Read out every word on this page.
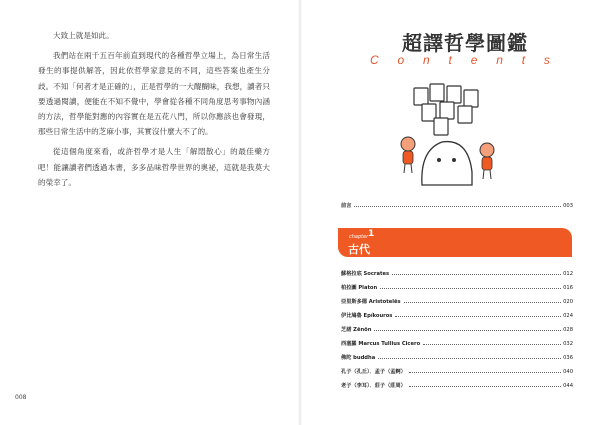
大致上就是如此。

我們站在兩千五百年前直到現代的各種哲學立場上，為日常生活發生的事提供解答，因此依哲學家意見的不同，這些答案也產生分歧。不知「何者才是正確的」，正是哲學的一大醍醐味，我想，讀者只要透過閱讀，便能在不知不覺中，學會從各種不同角度思考事物內涵的方法，哲學能對應的內容實在是五花八門，所以你應該也會發現，那些日常生活中的芝麻小事，其實沒什麼大不了的。

從這個角度來看，或許哲學才是人生「解悶散心」的最佳藥方吧！能讓讀者們透過本書，多多品味哲學世界的奧祕，這就是我莫大的榮幸了。

008
超譯哲學圖鑑
C o n t e n t s
前言	003
chapter 1
古代
蘇格拉底 Socrates	012
柏拉圖 Platon	016
亞里斯多德 Aristotelēs	020
伊比鳩魯 Epíkouros	024
芝諾 Zēnōn	028
西塞羅 Marcus Tullius Cicero	032
佛陀 buddha	036
孔子（孔丘）．孟子（孟軻）	040
老子（李耳）．莊子（莊周）	044
